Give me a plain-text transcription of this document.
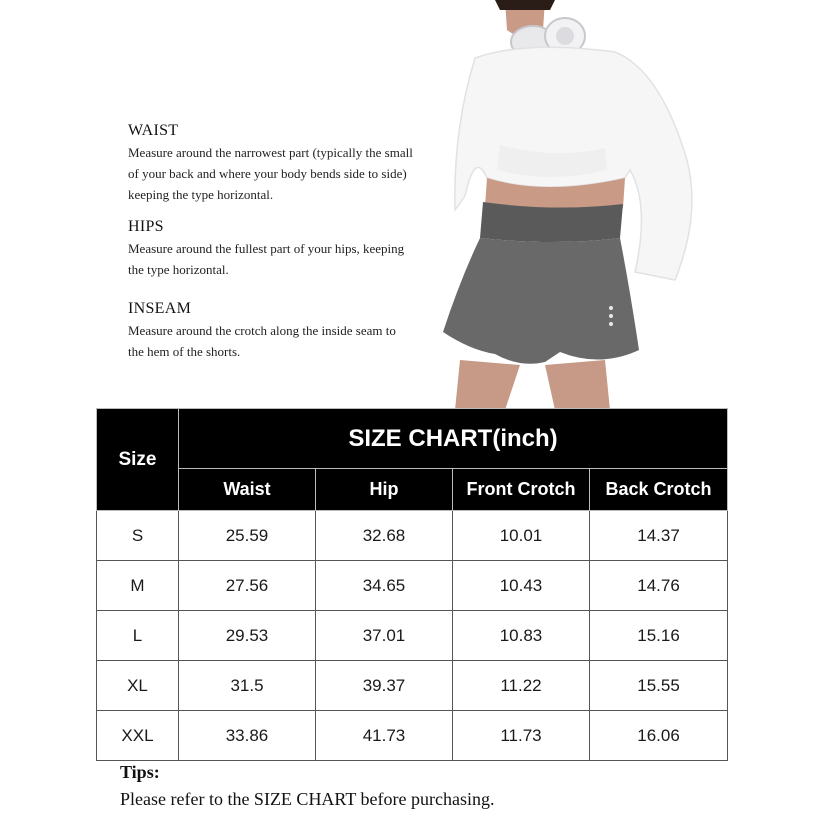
WAIST

Measure around the narrowest part (typically the small of your back and where your body bends side to side) keeping the type horizontal.

HIPS

Measure around the fullest part of your hips, keeping the type horizontal.

INSEAM

Measure around the crotch along the inside seam to the hem of the shorts.

Size	SIZE CHART(inch)			
	Waist	Hip	Front Crotch	Back Crotch
S	25.59	32.68	10.01	14.37
M	27.56	34.65	10.43	14.76
L	29.53	37.01	10.83	15.16
XL	31.5	39.37	11.22	15.55
XXL	33.86	41.73	11.73	16.06
Tips:
Please refer to the SIZE CHART before purchasing.
